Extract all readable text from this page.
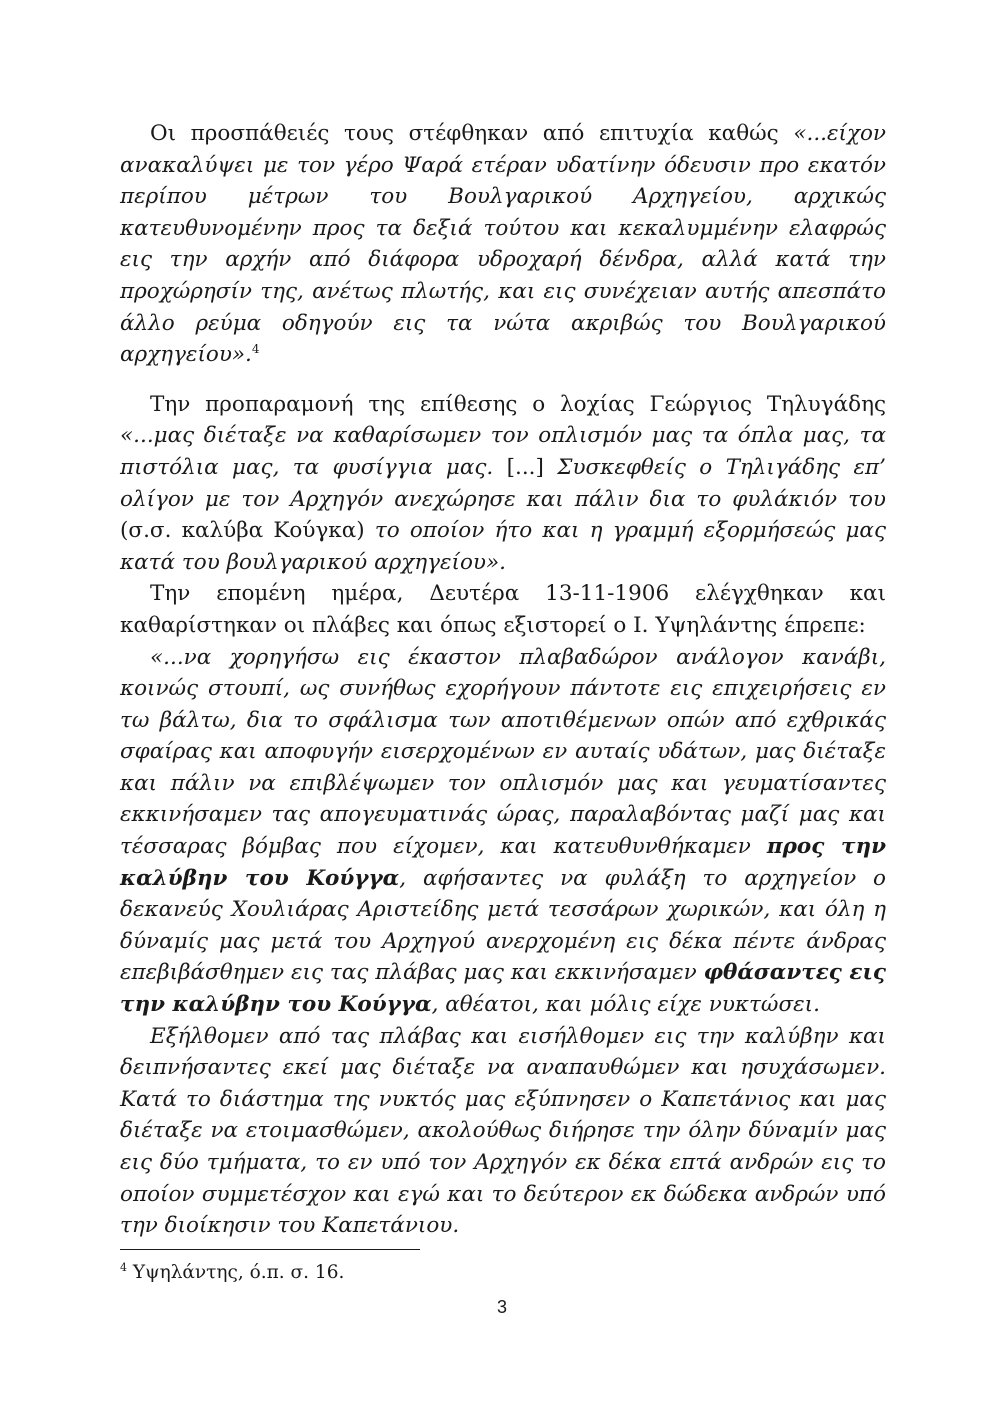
Οι προσπάθειές τους στέφθηκαν από επιτυχία καθώς «...είχον ανακαλύψει με τον γέρο Ψαρά ετέραν υδατίνην όδευσιν προ εκατόν περίπου μέτρων του Βουλγαρικού Αρχηγείου, αρχικώς κατευθυνομένην προς τα δεξιά τούτου και κεκαλυμμένην ελαφρώς εις την αρχήν από διάφορα υδροχαρή δένδρα, αλλά κατά την προχώρησίν της, ανέτως πλωτής, και εις συνέχειαν αυτής απεσπάτο άλλο ρεύμα οδηγούν εις τα νώτα ακριβώς του Βουλγαρικού αρχηγείου».$^4$

Την προπαραμονή της επίθεσης ο λοχίας Γεώργιος Τηλυγάδης «...μας διέταξε να καθαρίσωμεν τον οπλισμόν μας τα όπλα μας, τα πιστόλια μας, τα φυσίγγια μας. [...] Συσκεφθείς ο Τηλιγάδης επ’ ολίγον με τον Αρχηγόν ανεχώρησε και πάλιν δια το φυλάκιόν του (σ.σ. καλύβα Κούγκα) το οποίον ήτο και η γραμμή εξορμήσεώς μας κατά του βουλγαρικού αρχηγείου».

Την επομένη ημέρα, Δευτέρα 13-11-1906 ελέγχθηκαν και καθαρίστηκαν οι πλάβες και όπως εξιστορεί ο Ι. Υψηλάντης έπρεπε:

«...να χορηγήσω εις έκαστον πλαβαδώρον ανάλογον κανάβι, κοινώς στουπί, ως συνήθως εχορήγουν πάντοτε εις επιχειρήσεις εν τω βάλτω, δια το σφάλισμα των αποτιθέμενων οπών από εχθρικάς σφαίρας και αποφυγήν εισερχομένων εν αυταίς υδάτων, μας διέταξε και πάλιν να επιβλέψωμεν τον οπλισμόν μας και γευματίσαντες εκκινήσαμεν τας απογευματινάς ώρας, παραλαβόντας μαζί μας και τέσσαρας βόμβας που είχομεν, και κατευθυνθήκαμεν προς την καλύβην του Κούγγα, αφήσαντες να φυλάξη το αρχηγείον ο δεκανεύς Χουλιάρας Αριστείδης μετά τεσσάρων χωρικών, και όλη η δύναμίς μας μετά του Αρχηγού ανερχομένη εις δέκα πέντε άνδρας επεβιβάσθημεν εις τας πλάβας μας και εκκινήσαμεν φθάσαντες εις την καλύβην του Κούγγα, αθέατοι, και μόλις είχε νυκτώσει.

Εξήλθομεν από τας πλάβας και εισήλθομεν εις την καλύβην και δειπνήσαντες εκεί μας διέταξε να αναπαυθώμεν και ησυχάσωμεν. Κατά το διάστημα της νυκτός μας εξύπνησεν ο Καπετάνιος και μας διέταξε να ετοιμασθώμεν, ακολούθως διήρησε την όλην δύναμίν μας εις δύο τμήματα, το εν υπό τον Αρχηγόν εκ δέκα επτά ανδρών εις το οποίον συμμετέσχον και εγώ και το δεύτερον εκ δώδεκα ανδρών υπό την διοίκησιν του Καπετάνιου.

$^4$ Υψηλάντης, ό.π. σ. 16.

3
